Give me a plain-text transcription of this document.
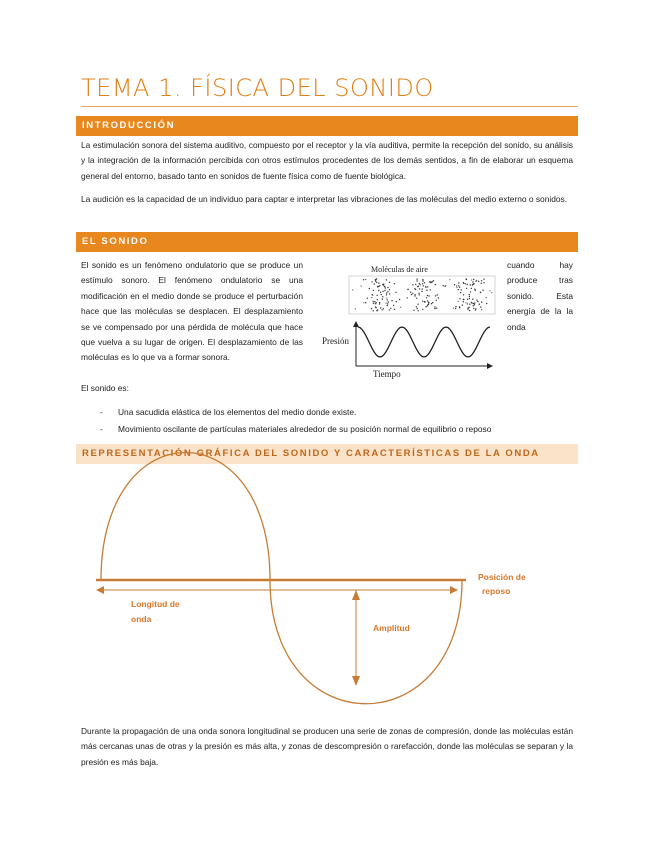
TEMA 1. FÍSICA DEL SONIDO
INTRODUCCIÓN
La estimulación sonora del sistema auditivo, compuesto por el receptor y la vía auditiva, permite la recepción del sonido, su análisis y la integración de la información percibida con otros estímulos procedentes de los demás sentidos, a fin de elaborar un esquema general del entorno, basado tanto en sonidos de fuente física como de fuente biológica.
La audición es la capacidad de un individuo para captar e interpretar las vibraciones de las moléculas del medio externo o sonidos.
EL SONIDO
El sonido es un fenómeno ondulatorio que se produce un estímulo sonoro. El fenómeno ondulatorio se una modificación en el medio donde se produce el perturbación hace que las moléculas se desplacen. El desplazamiento se ve compensado por una pérdida de molécula que hace que vuelva a su lugar de origen. El desplazamiento de las moléculas es lo que va a formar sonora.
cuando hay produce tras sonido. Esta energía de la la onda
Moléculas de aire
Presión
Tiempo
El sonido es:
- Una sacudida elástica de los elementos del medio donde existe.
- Movimiento oscilante de partículas materiales alrededor de su posición normal de equilibrio o reposo
REPRESENTACIÓN GRÁFICA DEL SONIDO Y CARACTERÍSTICAS DE LA ONDA
Posición de
reposo
Longitud de
onda
Amplitud
Durante la propagación de una onda sonora longitudinal se producen una serie de zonas de compresión, donde las moléculas están más cercanas unas de otras y la presión es más alta, y zonas de descompresión o rarefacción, donde las moléculas se separan y la presión es más baja.
